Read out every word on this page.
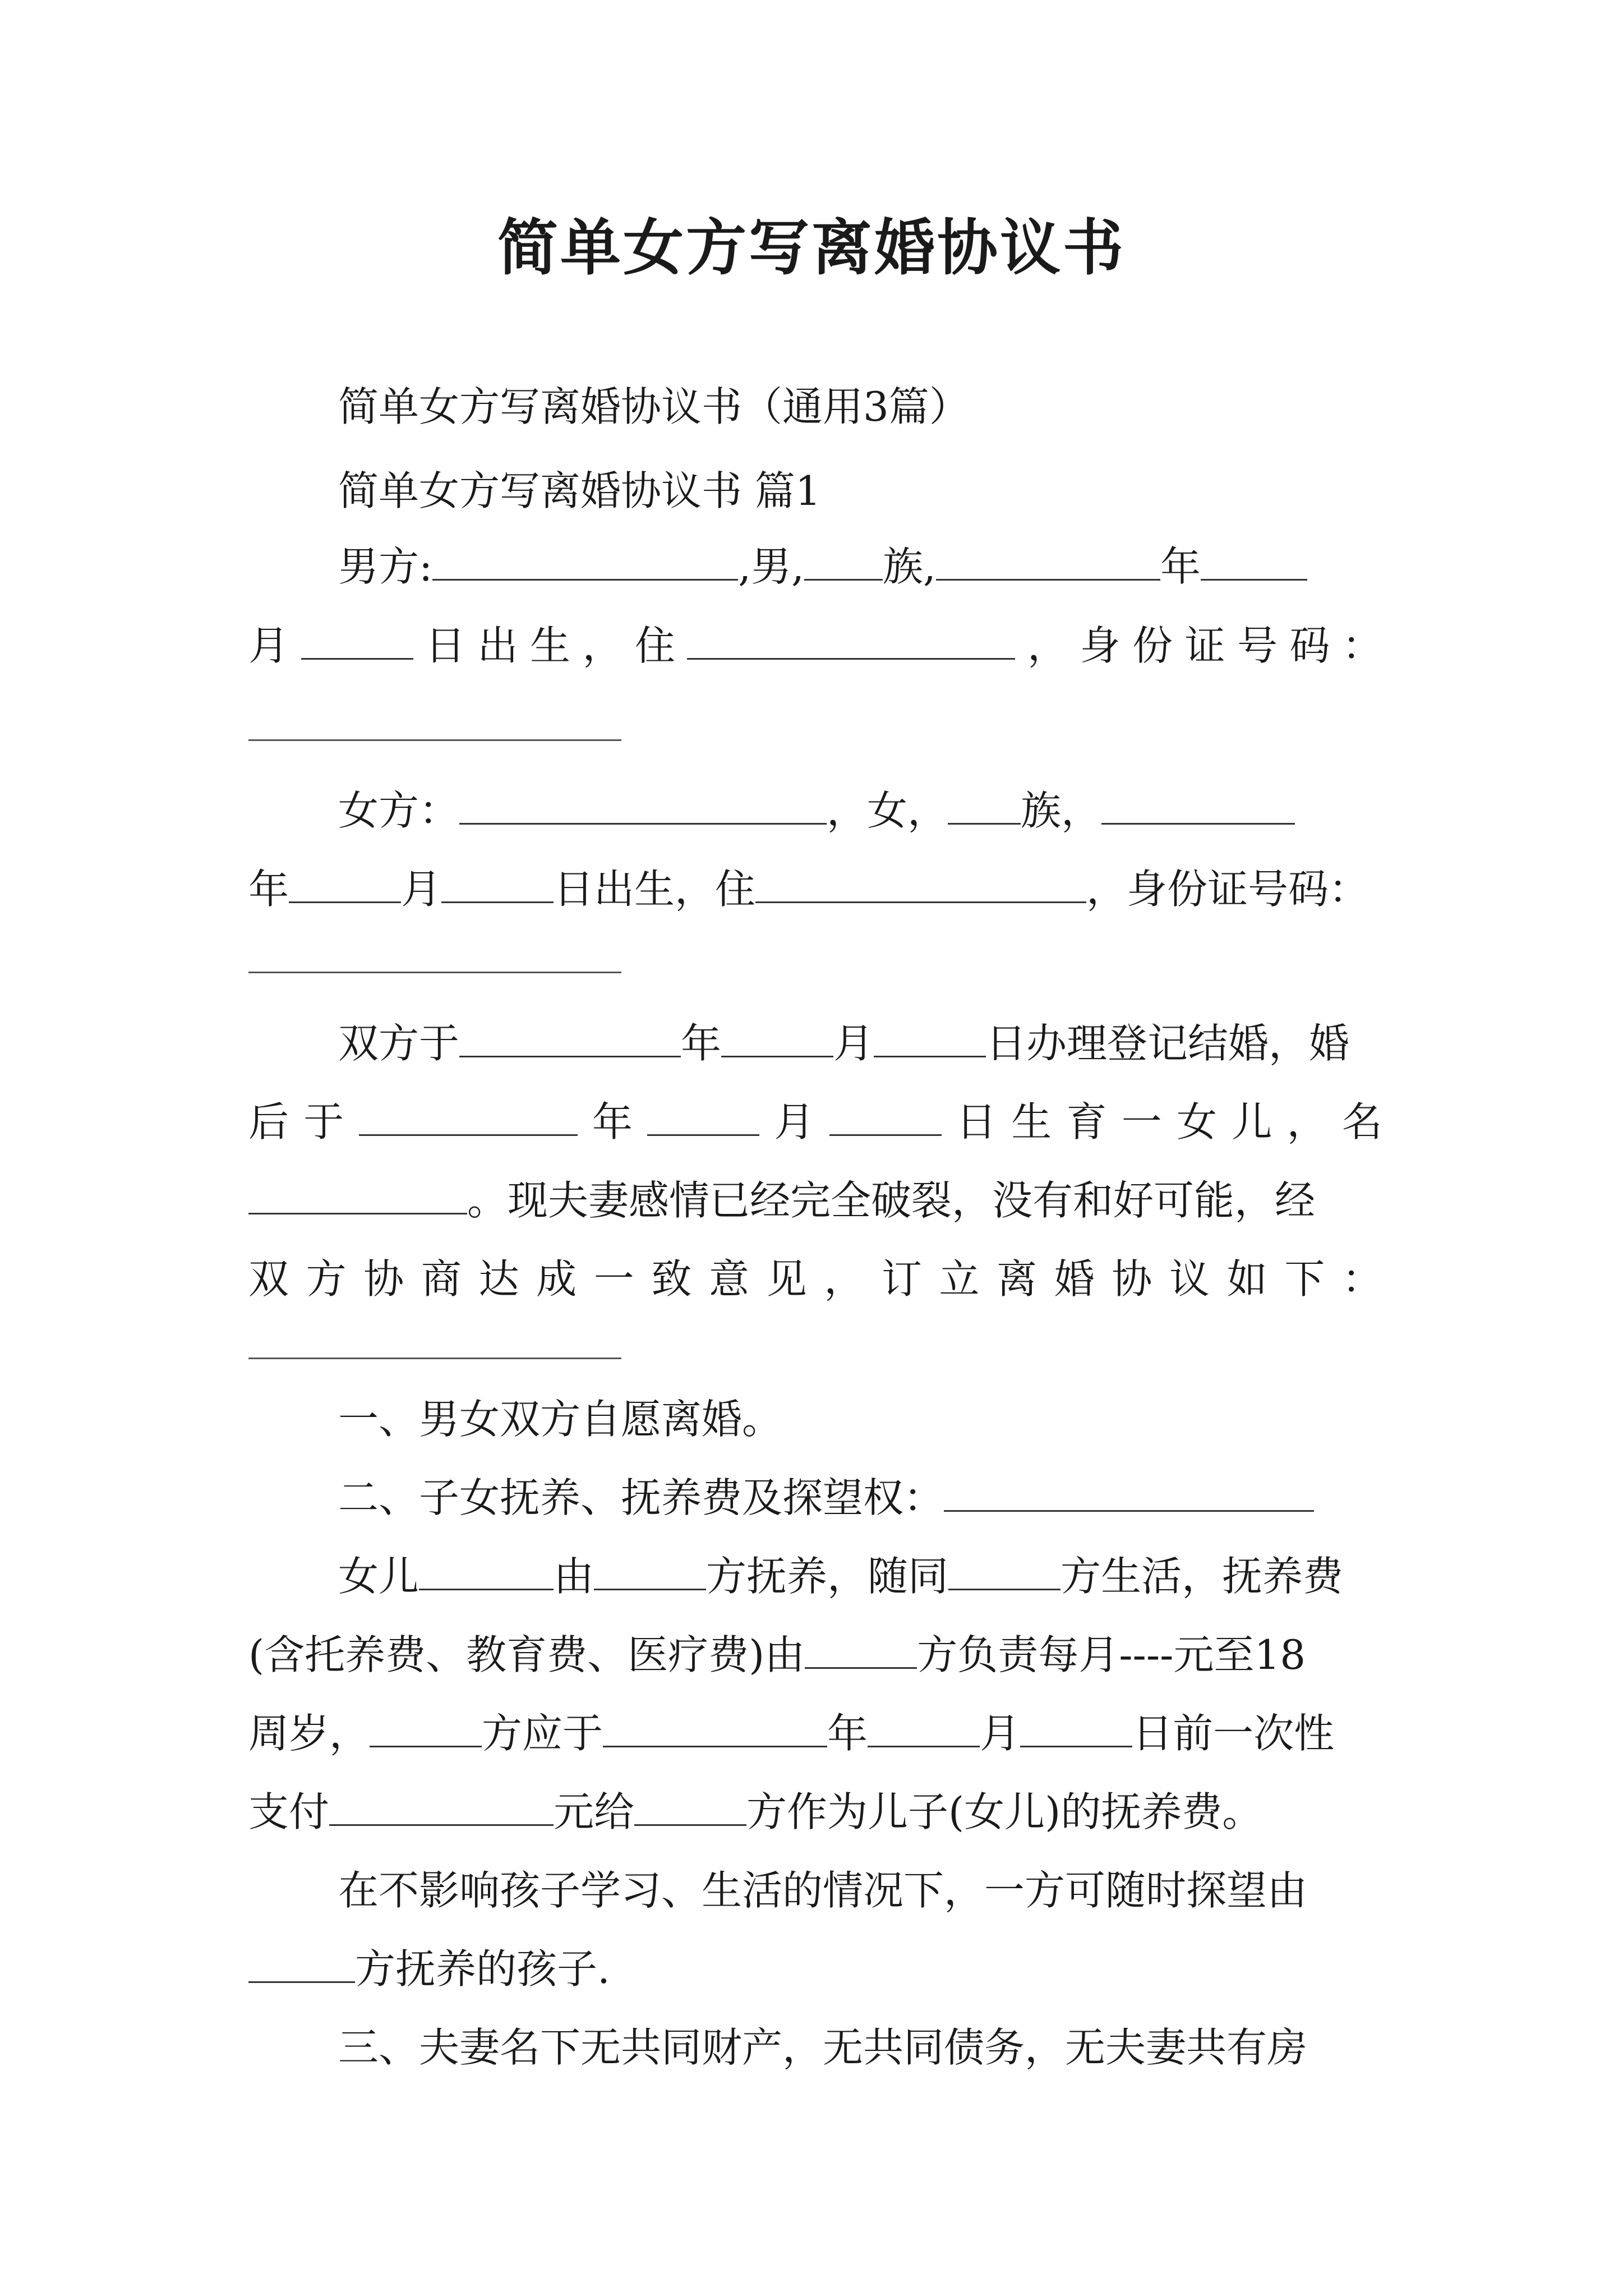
简单女方写离婚协议书
简单女方写离婚协议书（通用3篇）
简单女方写离婚协议书 篇1
男方:	,男, 族,	年
月	日 出 生 ， 住	， 身 份 证 号 码 ：
女方：	，女， 族，
年	月	日出生，住	，身份证号码：
双方于	年	月	日办理登记结婚，婚
后 于	年	月	日 生 育 一 女 儿 ， 名
。现夫妻感情已经完全破裂，没有和好可能，经
双 方 协 商 达 成 一 致 意 见 ， 订 立 离 婚 协 议 如 下 ：
一、男女双方自愿离婚。
二、子女抚养、抚养费及探望权：
女儿	由	方抚养，随同	方生活，抚养费
(含托养费、教育费、医疗费)由	方负责每月----元至18
周岁，	方应于	年	月	日前一次性
支付	元给	方作为儿子(女儿)的抚养费。
在不影响孩子学习、生活的情况下，一方可随时探望由
方抚养的孩子.
三、夫妻名下无共同财产，无共同债务，无夫妻共有房
